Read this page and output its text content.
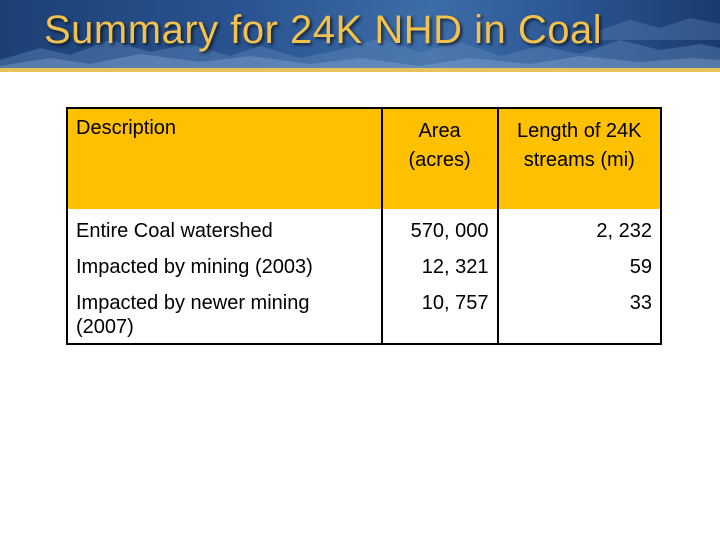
Summary for 24K NHD in Coal
Description	Area (acres)	Length of 24K streams (mi)
Entire Coal watershed	570, 000	2, 232
Impacted by mining (2003)	12, 321	59
Impacted by newer mining (2007)	10, 757	33
